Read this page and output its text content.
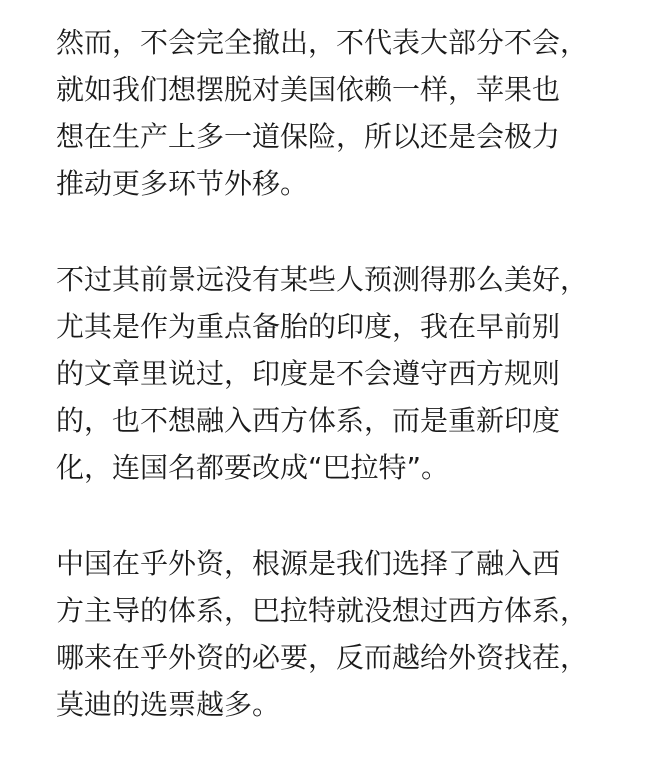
然而，不会完全撤出，不代表大部分不会，
就如我们想摆脱对美国依赖一样，苹果也
想在生产上多一道保险，所以还是会极力
推动更多环节外移。
不过其前景远没有某些人预测得那么美好，
尤其是作为重点备胎的印度，我在早前别
的文章里说过，印度是不会遵守西方规则
的，也不想融入西方体系，而是重新印度
化，连国名都要改成“巴拉特”。
中国在乎外资，根源是我们选择了融入西
方主导的体系，巴拉特就没想过西方体系，
哪来在乎外资的必要，反而越给外资找茬，
莫迪的选票越多。
